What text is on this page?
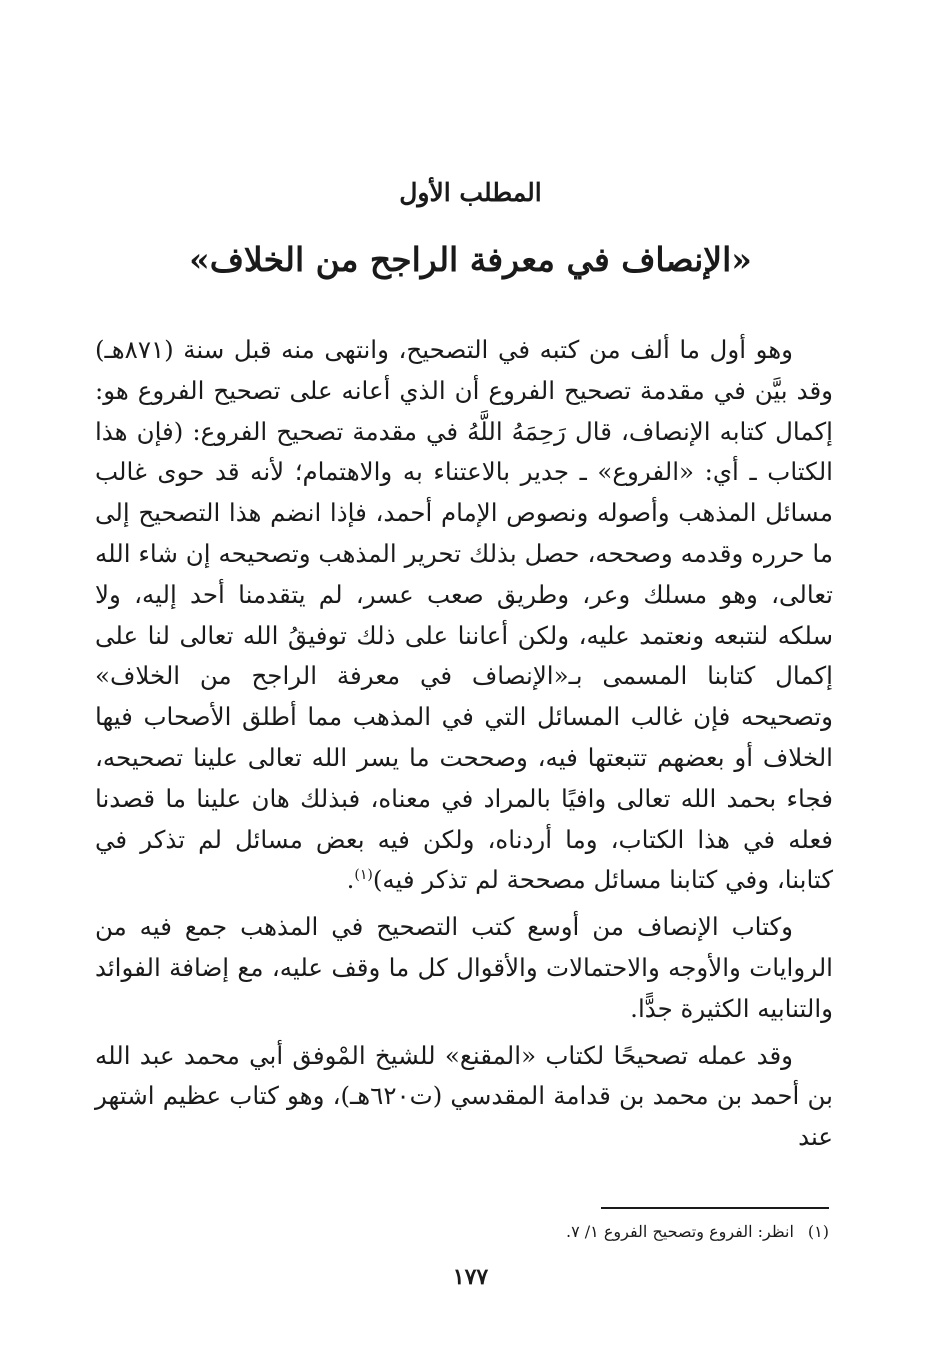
المطلب الأول
«الإنصاف في معرفة الراجح من الخلاف»

وهو أول ما ألف من كتبه في التصحيح، وانتهى منه قبل سنة (٨٧١هـ) وقد بيَّن في مقدمة تصحيح الفروع أن الذي أعانه على تصحيح الفروع هو: إكمال كتابه الإنصاف، قال رَحِمَهُ اللَّهُ في مقدمة تصحيح الفروع: (فإن هذا الكتاب ـ أي: «الفروع» ـ جدير بالاعتناء به والاهتمام؛ لأنه قد حوى غالب مسائل المذهب وأصوله ونصوص الإمام أحمد، فإذا انضم هذا التصحيح إلى ما حرره وقدمه وصححه، حصل بذلك تحرير المذهب وتصحيحه إن شاء الله تعالى، وهو مسلك وعر، وطريق صعب عسر، لم يتقدمنا أحد إليه، ولا سلكه لنتبعه ونعتمد عليه، ولكن أعاننا على ذلك توفيقُ الله تعالى لنا على إكمال كتابنا المسمى بـ«الإنصاف في معرفة الراجح من الخلاف» وتصحيحه فإن غالب المسائل التي في المذهب مما أطلق الأصحاب فيها الخلاف أو بعضهم تتبعتها فيه، وصححت ما يسر الله تعالى علينا تصحيحه، فجاء بحمد الله تعالى وافيًا بالمراد في معناه، فبذلك هان علينا ما قصدنا فعله في هذا الكتاب، وما أردناه، ولكن فيه بعض مسائل لم تذكر في كتابنا، وفي كتابنا مسائل مصححة لم تذكر فيه)$^{(١)}$.

وكتاب الإنصاف من أوسع كتب التصحيح في المذهب جمع فيه من الروايات والأوجه والاحتمالات والأقوال كل ما وقف عليه، مع إضافة الفوائد والتنابيه الكثيرة جدًّا.

وقد عمله تصحيحًا لكتاب «المقنع» للشيخ المْوفق أبي محمد عبد الله بن أحمد بن محمد بن قدامة المقدسي (ت٦٢٠هـ)، وهو كتاب عظيم اشتهر عند

(١)انظر: الفروع وتصحيح الفروع ١/ ٧.
١٧٧
